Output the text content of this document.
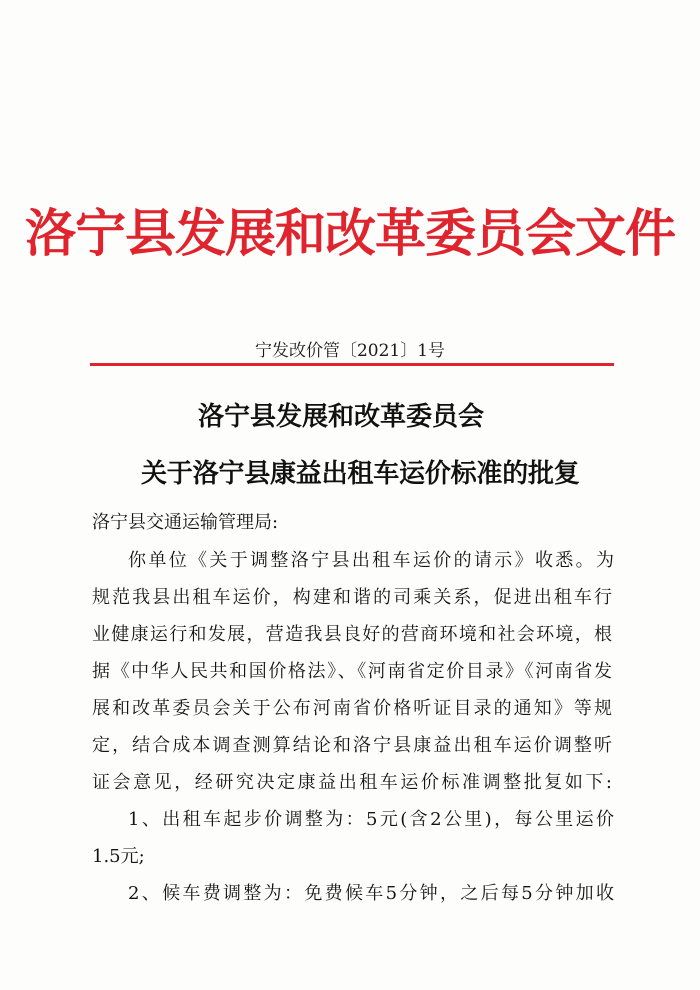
洛宁县发展和改革委员会文件
宁发改价管〔2021〕1号
洛宁县发展和改革委员会
关于洛宁县康益出租车运价标准的批复
洛宁县交通运输管理局:
你单位《关于调整洛宁县出租车运价的请示》收悉。为
规范我县出租车运价，构建和谐的司乘关系，促进出租车行
业健康运行和发展，营造我县良好的营商环境和社会环境，根
据《中华人民共和国价格法》、《河南省定价目录》《河南省发
展和改革委员会关于公布河南省价格听证目录的通知》等规
定，结合成本调查测算结论和洛宁县康益出租车运价调整听
证会意见，经研究决定康益出租车运价标准调整批复如下:
1、出租车起步价调整为：5元(含2公里)，每公里运价
1.5元;
2、候车费调整为：免费候车5分钟，之后每5分钟加收
